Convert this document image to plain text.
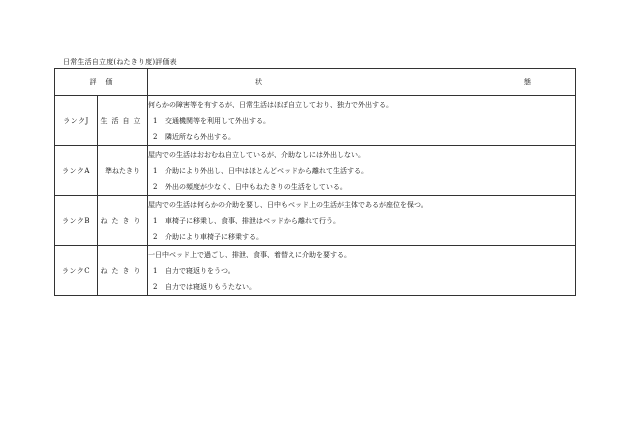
日常生活自立度(ねたきり度)評価表
評価		状 態

ランクJ	生活自立	何らかの障害等を有するが、日常生活はほぼ自立しており、独力で外出する。
1 交通機関等を利用して外出する。
2 隣近所なら外出する。

ランクA	準ねたきり	屋内での生活はおおむね自立しているが、介助なしには外出しない。
1 介助により外出し、日中はほとんどベッドから離れて生活する。
2 外出の頻度が少なく、日中もねたきりの生活をしている。

ランクB	ねたきり	屋内での生活は何らかの介助を要し、日中もベッド上の生活が主体であるが座位を保つ。
1 車椅子に移乗し、食事、排泄はベッドから離れて行う。
2 介助により車椅子に移乗する。

ランクC	ねたきり	一日中ベッド上で過ごし、排泄、食事、着替えに介助を要する。
1 自力で寝返りをうつ。
2 自力では寝返りもうたない。
